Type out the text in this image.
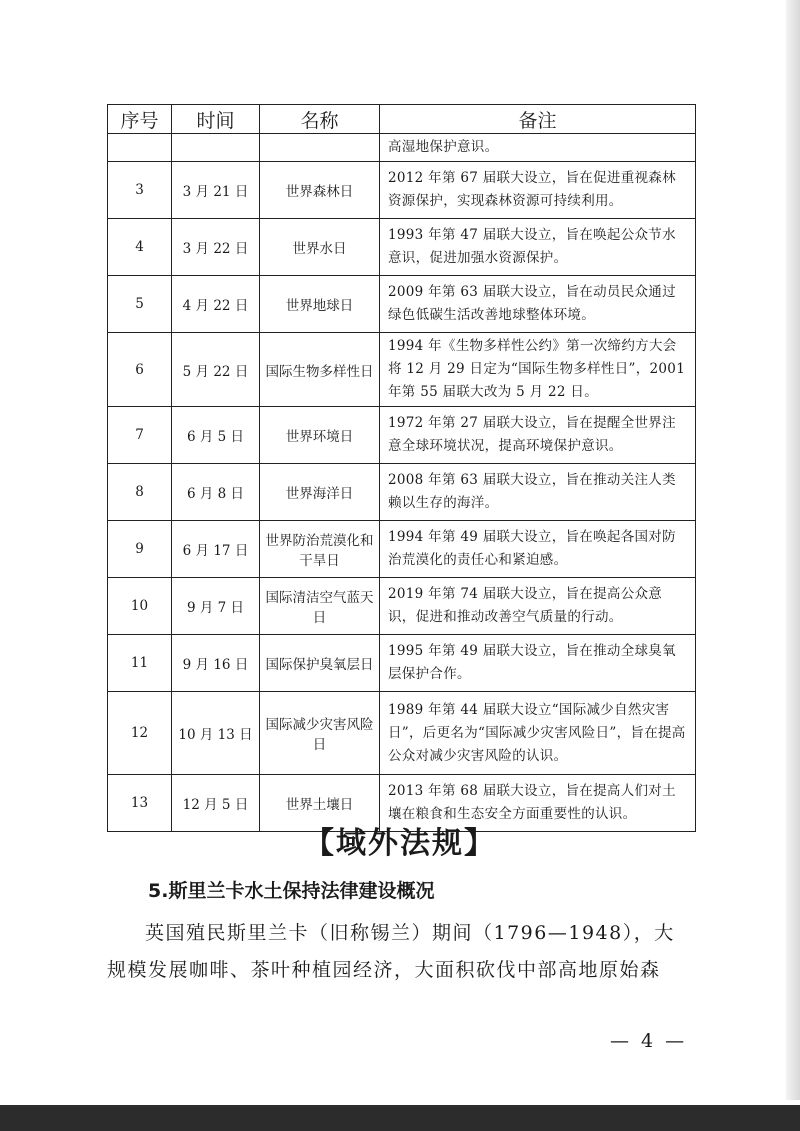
序号	时间	名称	备注
			高湿地保护意识。
3	3 月 21 日	世界森林日	2012 年第 67 届联大设立，旨在促进重视森林资源保护，实现森林资源可持续利用。
4	3 月 22 日	世界水日	1993 年第 47 届联大设立，旨在唤起公众节水意识，促进加强水资源保护。
5	4 月 22 日	世界地球日	2009 年第 63 届联大设立，旨在动员民众通过绿色低碳生活改善地球整体环境。
6	5 月 22 日	国际生物多样性日	1994 年《生物多样性公约》第一次缔约方大会将 12 月 29 日定为“国际生物多样性日”，2001 年第 55 届联大改为 5 月 22 日。
7	6 月 5 日	世界环境日	1972 年第 27 届联大设立，旨在提醒全世界注意全球环境状况，提高环境保护意识。
8	6 月 8 日	世界海洋日	2008 年第 63 届联大设立，旨在推动关注人类赖以生存的海洋。
9	6 月 17 日	世界防治荒漠化和干旱日	1994 年第 49 届联大设立，旨在唤起各国对防治荒漠化的责任心和紧迫感。
10	9 月 7 日	国际清洁空气蓝天日	2019 年第 74 届联大设立，旨在提高公众意识，促进和推动改善空气质量的行动。
11	9 月 16 日	国际保护臭氧层日	1995 年第 49 届联大设立，旨在推动全球臭氧层保护合作。
12	10 月 13 日	国际减少灾害风险日	1989 年第 44 届联大设立“国际减少自然灾害日”，后更名为“国际减少灾害风险日”，旨在提高公众对减少灾害风险的认识。
13	12 月 5 日	世界土壤日	2013 年第 68 届联大设立，旨在提高人们对土壤在粮食和生态安全方面重要性的认识。
【域外法规】
5.斯里兰卡水土保持法律建设概况
英国殖民斯里兰卡（旧称锡兰）期间（1796—1948），大规模发展咖啡、茶叶种植园经济，大面积砍伐中部高地原始森
— 4 —
